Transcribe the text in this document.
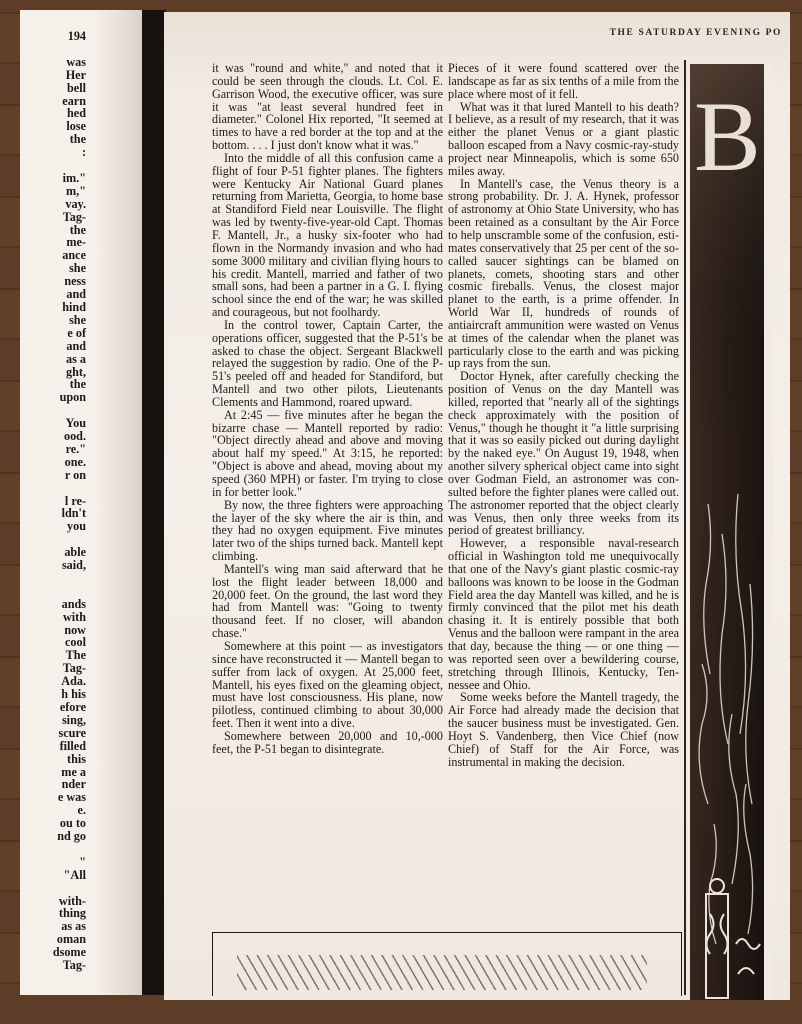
194
was
Her
bell
earn
hed
lose
the
:
im."
m,"
vay.
Tag-
the
me-
ance
she
ness
and
hind
she
e of
and
as a
ght,
the
upon
You
ood.
re."
one.
r on
l re-
ldn't
you
able
said,
ands
with
now
cool
The
Tag-
Ada.
h his
efore
sing,
scure
filled
this
me a
nder
e was
e.
ou to
nd go
"
"All
with-
thing
as as
oman
dsome
Tag-
THE SATURDAY EVENING PO

it was "round and white," and noted that it could be seen through the clouds. Lt. Col. E. Garrison Wood, the executive officer, was sure it was "at least several hundred feet in diameter." Colonel Hix reported, "It seemed at times to have a red border at the top and at the bottom. . . . I just don't know what it was."

Into the middle of all this confusion came a flight of four P-51 fighter planes. The fighters were Kentucky Air National Guard planes returning from Marietta, Georgia, to home base at Standiford Field near Louisville. The flight was led by twenty-five-year-old Capt. Thomas F. Mantell, Jr., a husky six-footer who had flown in the Normandy invasion and who had some 3000 military and civilian flying hours to his credit. Mantell, married and father of two small sons, had been a partner in a G. I. flying school since the end of the war; he was skilled and courageous, but not foolhardy.

In the control tower, Captain Carter, the operations officer, suggested that the P-51's be asked to chase the object. Sergeant Blackwell relayed the suggestion by radio. One of the P-51's peeled off and headed for Standiford, but Mantell and two other pilots, Lieutenants Clements and Hammond, roared upward.

At 2:45 — five minutes after he began the bizarre chase — Mantell reported by radio: "Object directly ahead and above and moving about half my speed." At 3:15, he reported: "Object is above and ahead, moving about my speed (360 MPH) or faster. I'm trying to close in for better look."

By now, the three fighters were approaching the layer of the sky where the air is thin, and they had no oxygen equipment. Five minutes later two of the ships turned back. Mantell kept climbing.

Mantell's wing man said afterward that he lost the flight leader between 18,000 and 20,000 feet. On the ground, the last word they had from Mantell was: "Going to twenty thousand feet. If no closer, will abandon chase."

Somewhere at this point — as investigators since have reconstructed it — Mantell began to suffer from lack of oxygen. At 25,000 feet, Mantell, his eyes fixed on the gleaming object, must have lost consciousness. His plane, now pilotless, continued climbing to about 30,000 feet. Then it went into a dive.

Somewhere between 20,000 and 10,-000 feet, the P-51 began to disintegrate.

Pieces of it were found scattered over the landscape as far as six tenths of a mile from the place where most of it fell.

What was it that lured Mantell to his death? I believe, as a result of my research, that it was either the planet Venus or a giant plastic balloon escaped from a Navy cosmic-ray-study project near Minneapolis, which is some 650 miles away.

In Mantell's case, the Venus theory is a strong probability. Dr. J. A. Hynek, professor of astronomy at Ohio State University, who has been retained as a consultant by the Air Force to help unscramble some of the confusion, estimates conservatively that 25 per cent of the so-called saucer sightings can be blamed on planets, comets, shooting stars and other cosmic fireballs. Venus, the closest major planet to the earth, is a prime offender. In World War II, hundreds of rounds of antiaircraft ammunition were wasted on Venus at times of the calendar when the planet was particularly close to the earth and was picking up rays from the sun.

Doctor Hynek, after carefully checking the position of Venus on the day Mantell was killed, reported that "nearly all of the sightings check approximately with the position of Venus," though he thought it "a little surprising that it was so easily picked out during daylight by the naked eye." On August 19, 1948, when another silvery spherical object came into sight over Godman Field, an astronomer was consulted before the fighter planes were called out. The astronomer reported that the object clearly was Venus, then only three weeks from its period of greatest brilliancy.

However, a responsible naval-research official in Washington told me unequivocally that one of the Navy's giant plastic cosmic-ray balloons was known to be loose in the Godman Field area the day Mantell was killed, and he is firmly convinced that the pilot met his death chasing it. It is entirely possible that both Venus and the balloon were rampant in the area that day, because the thing — or one thing — was reported seen over a bewildering course, stretching through Illinois, Kentucky, Tennessee and Ohio.

Some weeks before the Mantell tragedy, the Air Force had already made the decision that the saucer business must be investigated. Gen. Hoyt S. Vandenberg, then Vice Chief (now Chief) of Staff for the Air Force, was instrumental in making the decision.

B
